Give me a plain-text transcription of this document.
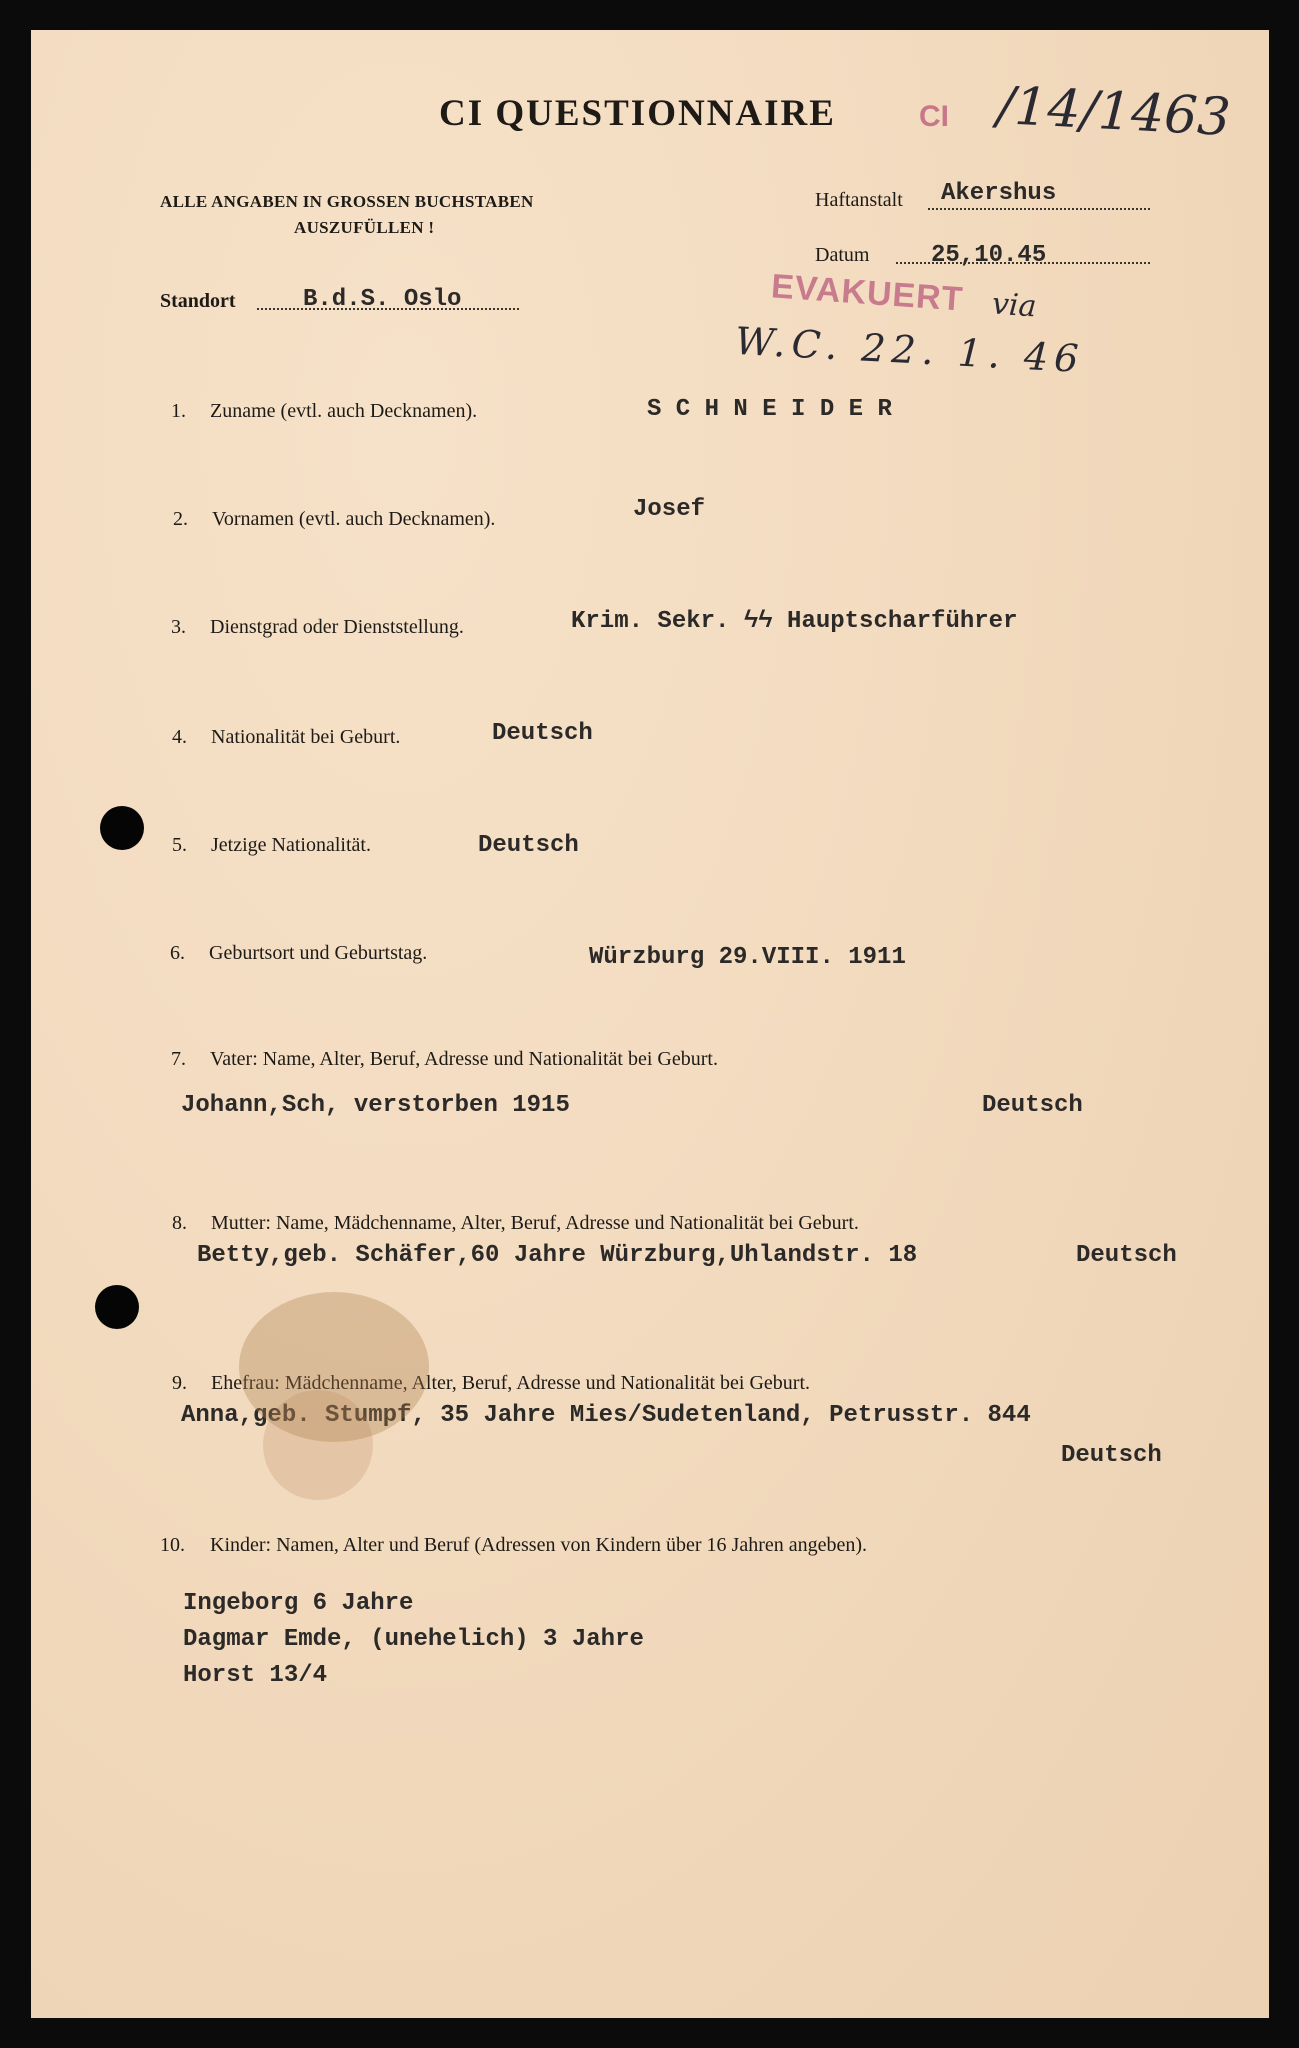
CI QUESTIONNAIRE	CI /14/1463
ALLE ANGABEN IN GROSSEN BUCHSTABEN
AUSZUFÜLLEN !
Haftanstalt Akershus
Datum	25,10.45
Standort	B.d.S. Oslo	EVAKUERT via
W.C. 22. 1. 46
1. Zuname (evtl. auch Decknamen).	S C H N E I D E R
2. Vornamen (evtl. auch Decknamen).	Josef
3. Dienstgrad oder Dienststellung.	Krim. Sekr. ϟϟ Hauptscharführer
4. Nationalität bei Geburt.	Deutsch
5. Jetzige Nationalität.	Deutsch
6. Geburtsort und Geburtstag.	Würzburg 29.VIII. 1911
7. Vater: Name, Alter, Beruf, Adresse und Nationalität bei Geburt.
Johann,Sch, verstorben 1915	Deutsch
8. Mutter: Name, Mädchenname, Alter, Beruf, Adresse und Nationalität bei Geburt.
Betty,geb. Schäfer,60 Jahre Würzburg,Uhlandstr. 18	Deutsch
9. Ehefrau: Mädchenname, Alter, Beruf, Adresse und Nationalität bei Geburt.
Anna,geb. Stumpf, 35 Jahre Mies/Sudetenland, Petrusstr. 844
Deutsch
10. Kinder: Namen, Alter und Beruf (Adressen von Kindern über 16 Jahren angeben).
Ingeborg 6 Jahre
Dagmar Emde, (unehelich) 3 Jahre
Horst 13/4
